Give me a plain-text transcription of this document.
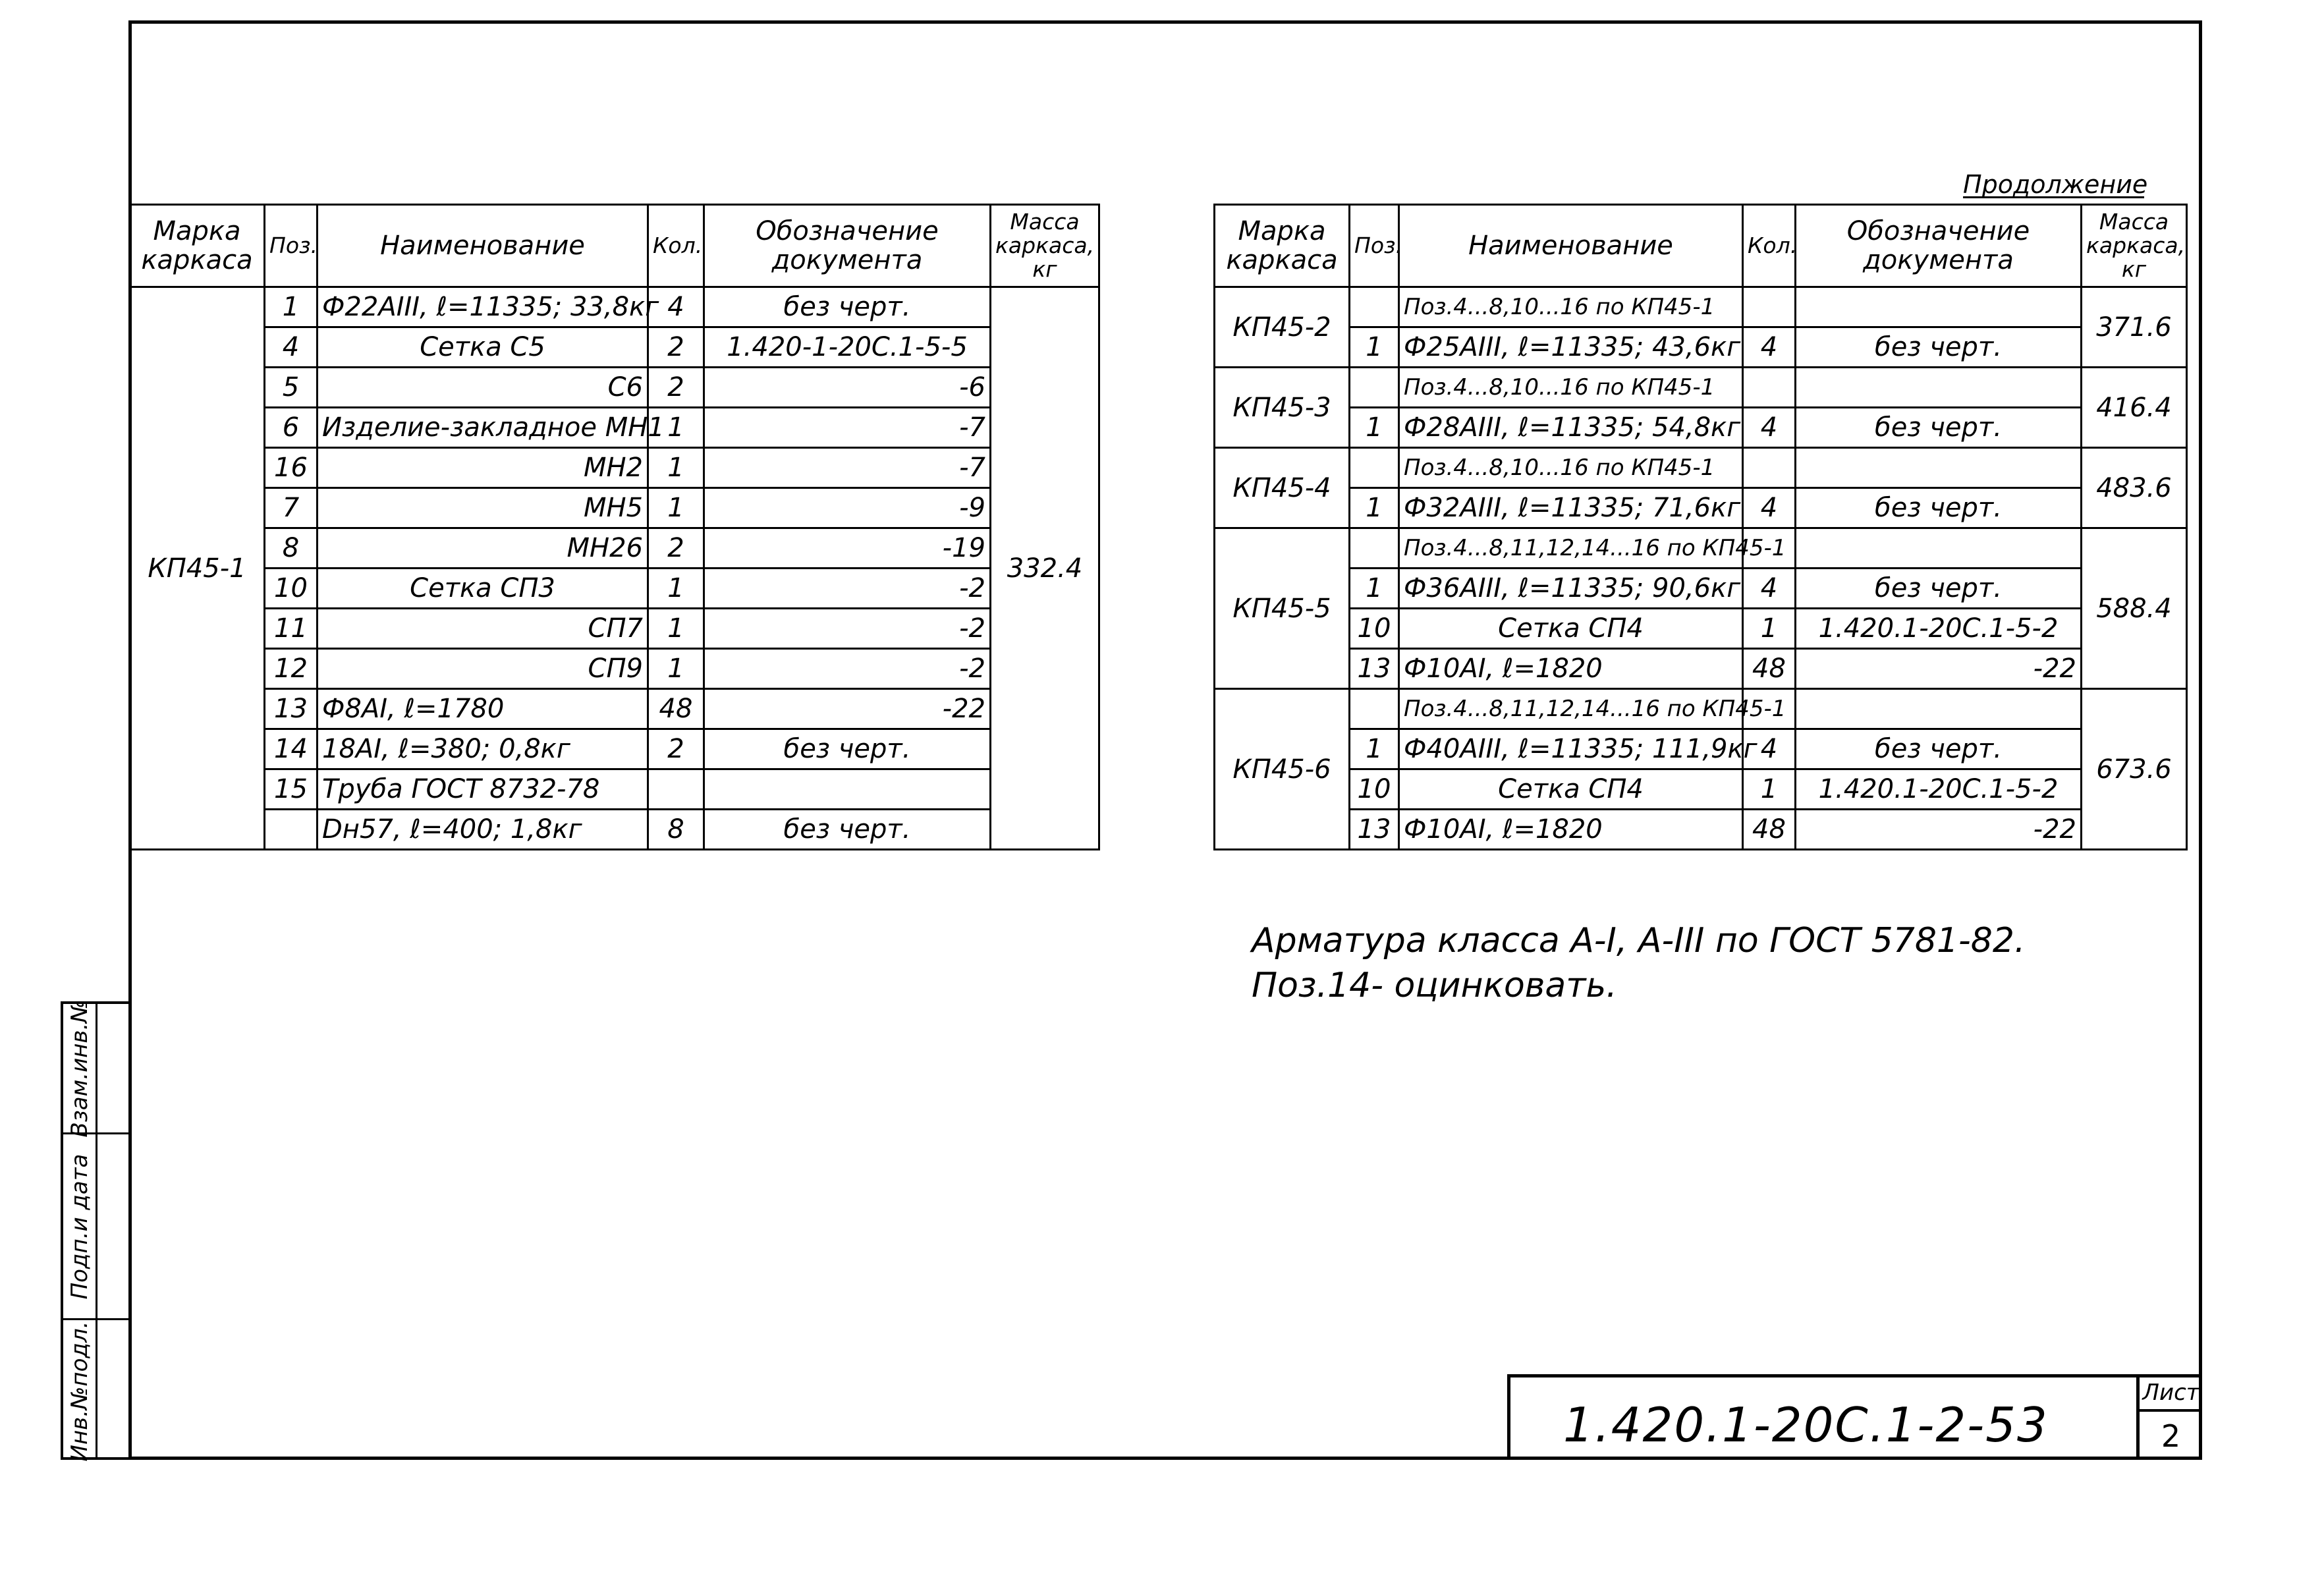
Продолжение
Марка каркаса	Поз.	Наименование	Кол.	Обозначение документа	Масса каркаса, кг
КП45-1	1	Ф22АIII, ℓ=11335; 33,8кг	4	без черт.	332.4
	4	Сетка С5	2	1.420-1-20С.1-5-5	
	5	С6	2	-6	
	6	Изделие-закладное МН1	1	-7	
	16	МН2	1	-7	
	7	МН5	1	-9	
	8	МН26	2	-19	
	10	Сетка СП3	1	-2	
	11	СП7	1	-2	
	12	СП9	1	-2	
	13	Ф8АI, ℓ=1780	48	-22	
	14	18АI, ℓ=380; 0,8кг	2	без черт.	
	15	Труба ГОСТ 8732-78			
		Dн57, ℓ=400; 1,8кг	8	без черт.	
Марка каркаса	Поз.	Наименование	Кол.	Обозначение документа	Масса каркаса, кг
КП45-2		Поз.4...8,10...16 по КП45-1			371.6
	1	Ф25АIII, ℓ=11335; 43,6кг	4	без черт.	
КП45-3		Поз.4...8,10...16 по КП45-1			416.4
	1	Ф28АIII, ℓ=11335; 54,8кг	4	без черт.	
КП45-4		Поз.4...8,10...16 по КП45-1			483.6
	1	Ф32АIII, ℓ=11335; 71,6кг	4	без черт.	
КП45-5		Поз.4...8,11,12,14...16 по КП45-1			588.4
	1	Ф36АIII, ℓ=11335; 90,6кг	4	без черт.	
	10	Сетка СП4	1	1.420.1-20С.1-5-2	
	13	Ф10АI, ℓ=1820	48	-22	
КП45-6		Поз.4...8,11,12,14...16 по КП45-1			673.6
	1	Ф40АIII, ℓ=11335; 111,9кг	4	без черт.	
	10	Сетка СП4	1	1.420.1-20С.1-5-2	
	13	Ф10АI, ℓ=1820	48	-22	
Арматура класса А-I, А-III по ГОСТ 5781-82.
Поз.14- оцинковать.
1.420.1-20С.1-2-53
Лист
2
Взам.инв.№
Подп.и дата
Инв.№подл.
